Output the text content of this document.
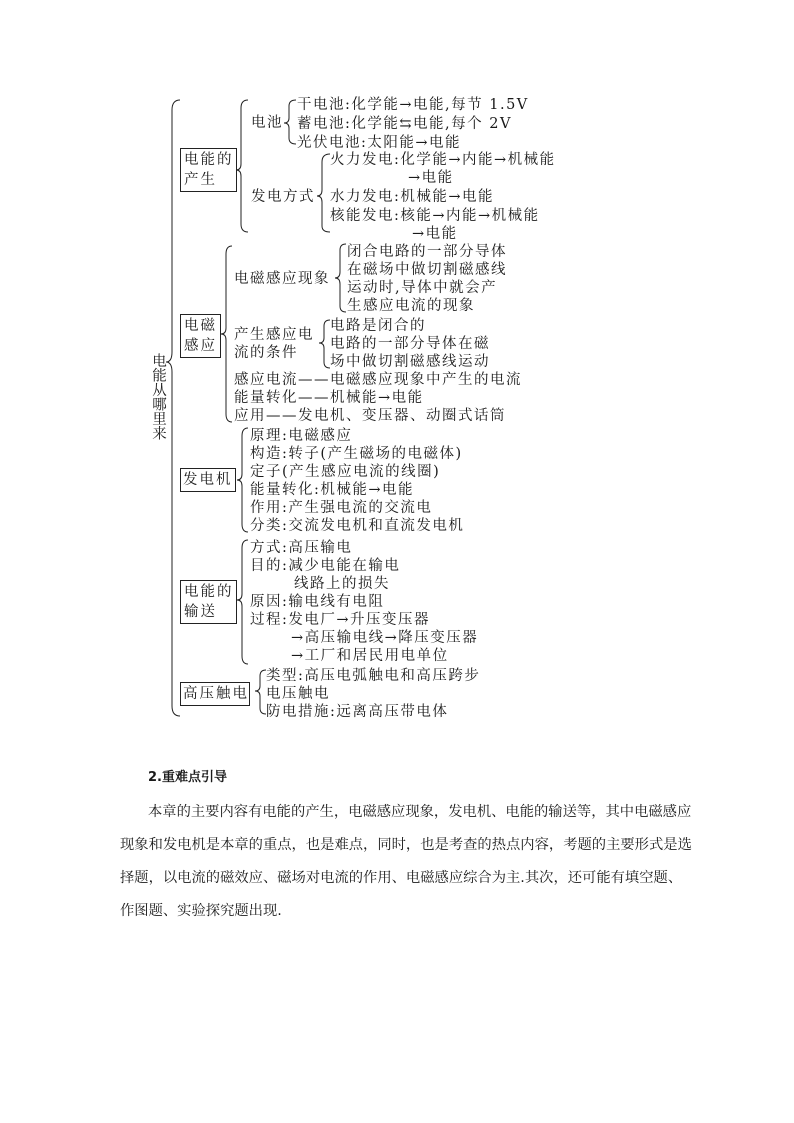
电能从哪里来
电能的
产生
电池
干电池:化学能→电能,每节 1.5V
蓄电池:化学能⇆电能,每个 2V
光伏电池:太阳能→电能
发电方式
火力发电:化学能→内能→机械能
→电能
水力发电:机械能→电能
核能发电:核能→内能→机械能
→电能
电磁
感应
电磁感应现象
闭合电路的一部分导体
在磁场中做切割磁感线
运动时,导体中就会产
生感应电流的现象
产生感应电
流的条件
电路是闭合的
电路的一部分导体在磁
场中做切割磁感线运动
感应电流——电磁感应现象中产生的电流
能量转化——机械能→电能
应用——发电机、变压器、动圈式话筒
发电机
原理:电磁感应
构造:转子(产生磁场的电磁体)
定子(产生感应电流的线圈)
能量转化:机械能→电能
作用:产生强电流的交流电
分类:交流发电机和直流发电机
电能的
输送
方式:高压输电
目的:减少电能在输电
线路上的损失
原因:输电线有电阻
过程:发电厂→升压变压器
→高压输电线→降压变压器
→工厂和居民用电单位
高压触电
类型:高压电弧触电和高压跨步
电压触电
防电措施:远离高压带电体
2.重难点引导
本章的主要内容有电能的产生，电磁感应现象，发电机、电能的输送等，其中电磁感应
现象和发电机是本章的重点，也是难点，同时，也是考查的热点内容，考题的主要形式是选
择题，以电流的磁效应、磁场对电流的作用、电磁感应综合为主.其次，还可能有填空题、
作图题、实验探究题出现.
